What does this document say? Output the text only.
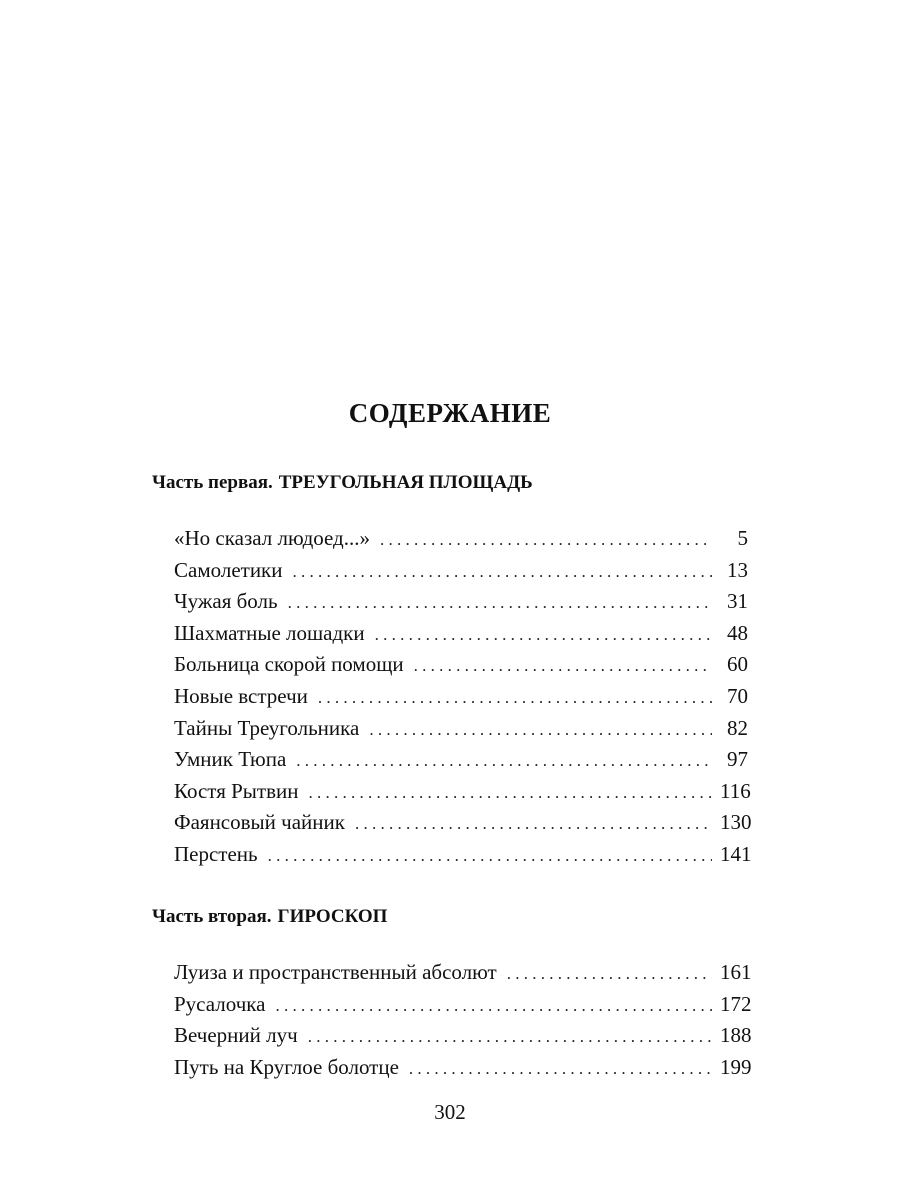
СОДЕРЖАНИЕ
Часть первая. ТРЕУГОЛЬНАЯ ПЛОЩАДЬ
«Но сказал людоед...» . . .	5
Самолетики . . .	13
Чужая боль . . .	31
Шахматные лошадки . . .	48
Больница скорой помощи . . .	60
Новые встречи . . .	70
Тайны Треугольника . . .	82
Умник Тюпа . . .	97
Костя Рытвин . . .	116
Фаянсовый чайник . . .	130
Перстень . . .	141
Часть вторая. ГИРОСКОП
Луиза и пространственный абсолют . . .	161
Русалочка . . .	172
Вечерний луч . . .	188
Путь на Круглое болотце . . .	199
302
